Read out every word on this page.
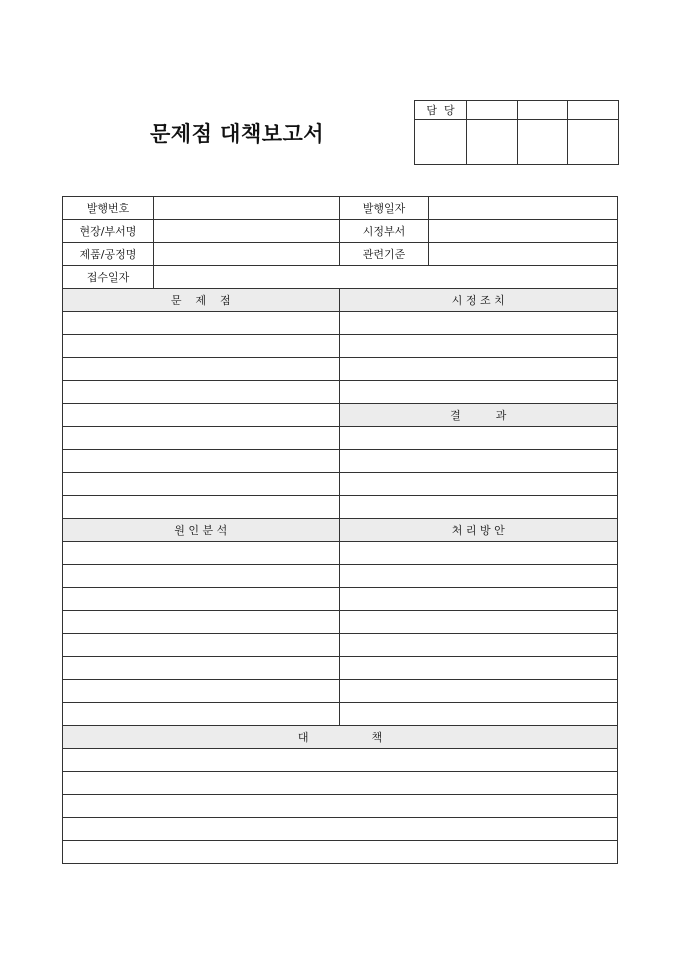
문제점 대책보고서
담  당			

발행번호		발행일자	
현장/부서명		시정부서	
제품/공정명		관련기준	
접수일자			
문    제    점		시 정 조 치	

		결          과	

원 인 분 석		처 리 방 안	

대                  책			
